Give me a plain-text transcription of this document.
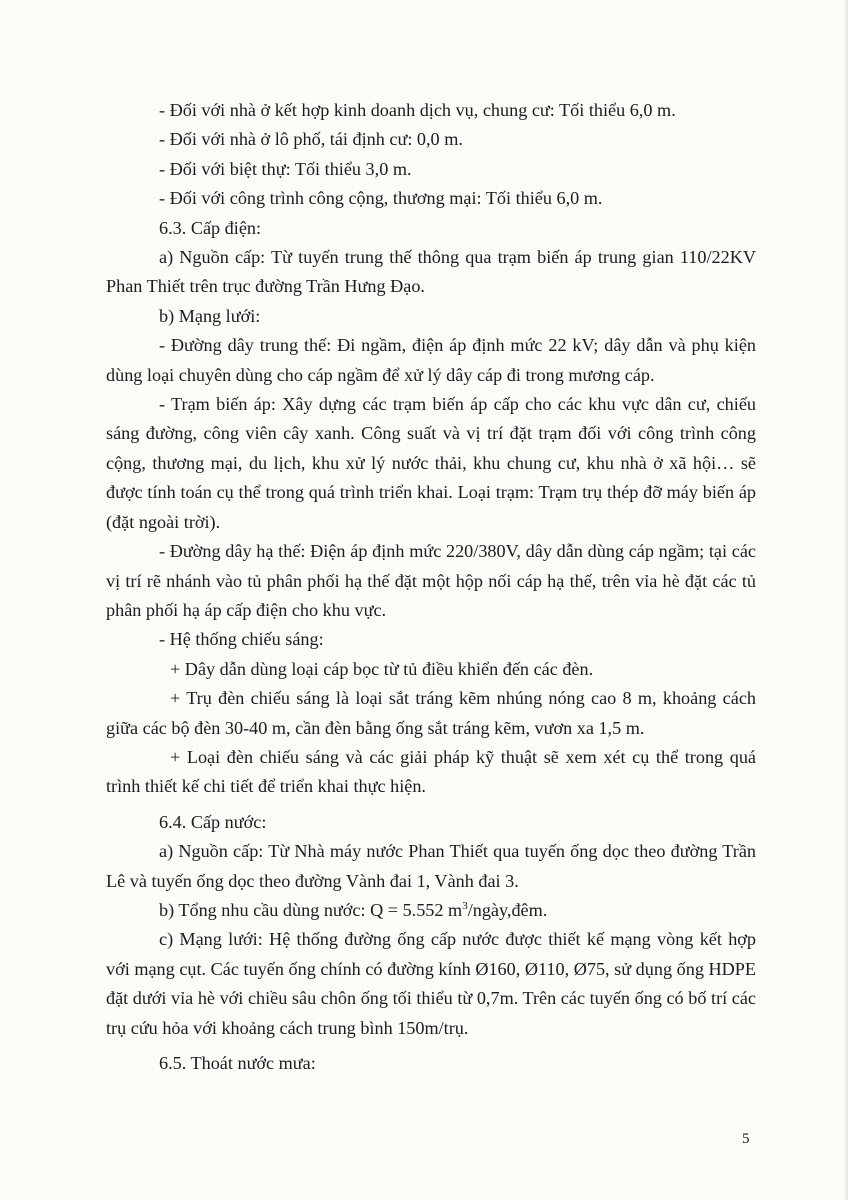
- Đối với nhà ở kết hợp kinh doanh dịch vụ, chung cư: Tối thiểu 6,0 m.

- Đối với nhà ở lô phố, tái định cư: 0,0 m.

- Đối với biệt thự: Tối thiểu 3,0 m.

- Đối với công trình công cộng, thương mại: Tối thiểu 6,0 m.

6.3. Cấp điện:

a) Nguồn cấp: Từ tuyến trung thế thông qua trạm biến áp trung gian 110/22KV Phan Thiết trên trục đường Trần Hưng Đạo.

b) Mạng lưới:

- Đường dây trung thế: Đi ngầm, điện áp định mức 22 kV; dây dẫn và phụ kiện dùng loại chuyên dùng cho cáp ngầm để xử lý dây cáp đi trong mương cáp.

- Trạm biến áp: Xây dựng các trạm biến áp cấp cho các khu vực dân cư, chiếu sáng đường, công viên cây xanh. Công suất và vị trí đặt trạm đối với công trình công cộng, thương mại, du lịch, khu xử lý nước thải, khu chung cư, khu nhà ở xã hội… sẽ được tính toán cụ thể trong quá trình triển khai. Loại trạm: Trạm trụ thép đỡ máy biến áp (đặt ngoài trời).

- Đường dây hạ thế: Điện áp định mức 220/380V, dây dẫn dùng cáp ngầm; tại các vị trí rẽ nhánh vào tủ phân phối hạ thế đặt một hộp nối cáp hạ thế, trên vỉa hè đặt các tủ phân phối hạ áp cấp điện cho khu vực.

- Hệ thống chiếu sáng:

+ Dây dẫn dùng loại cáp bọc từ tủ điều khiển đến các đèn.

+ Trụ đèn chiếu sáng là loại sắt tráng kẽm nhúng nóng cao 8 m, khoảng cách giữa các bộ đèn 30-40 m, cần đèn bằng ống sắt tráng kẽm, vươn xa 1,5 m.

+ Loại đèn chiếu sáng và các giải pháp kỹ thuật sẽ xem xét cụ thể trong quá trình thiết kế chi tiết để triển khai thực hiện.

6.4. Cấp nước:

a) Nguồn cấp: Từ Nhà máy nước Phan Thiết qua tuyến ống dọc theo đường Trần Lê và tuyến ống dọc theo đường Vành đai 1, Vành đai 3.

b) Tổng nhu cầu dùng nước: Q = 5.552 $m^3/ngày,đêm$.

c) Mạng lưới: Hệ thống đường ống cấp nước được thiết kế mạng vòng kết hợp với mạng cụt. Các tuyến ống chính có đường kính Ø160, Ø110, Ø75, sử dụng ống HDPE đặt dưới vỉa hè với chiều sâu chôn ống tối thiểu từ 0,7m. Trên các tuyến ống có bố trí các trụ cứu hỏa với khoảng cách trung bình 150m/trụ.

6.5. Thoát nước mưa:

5
